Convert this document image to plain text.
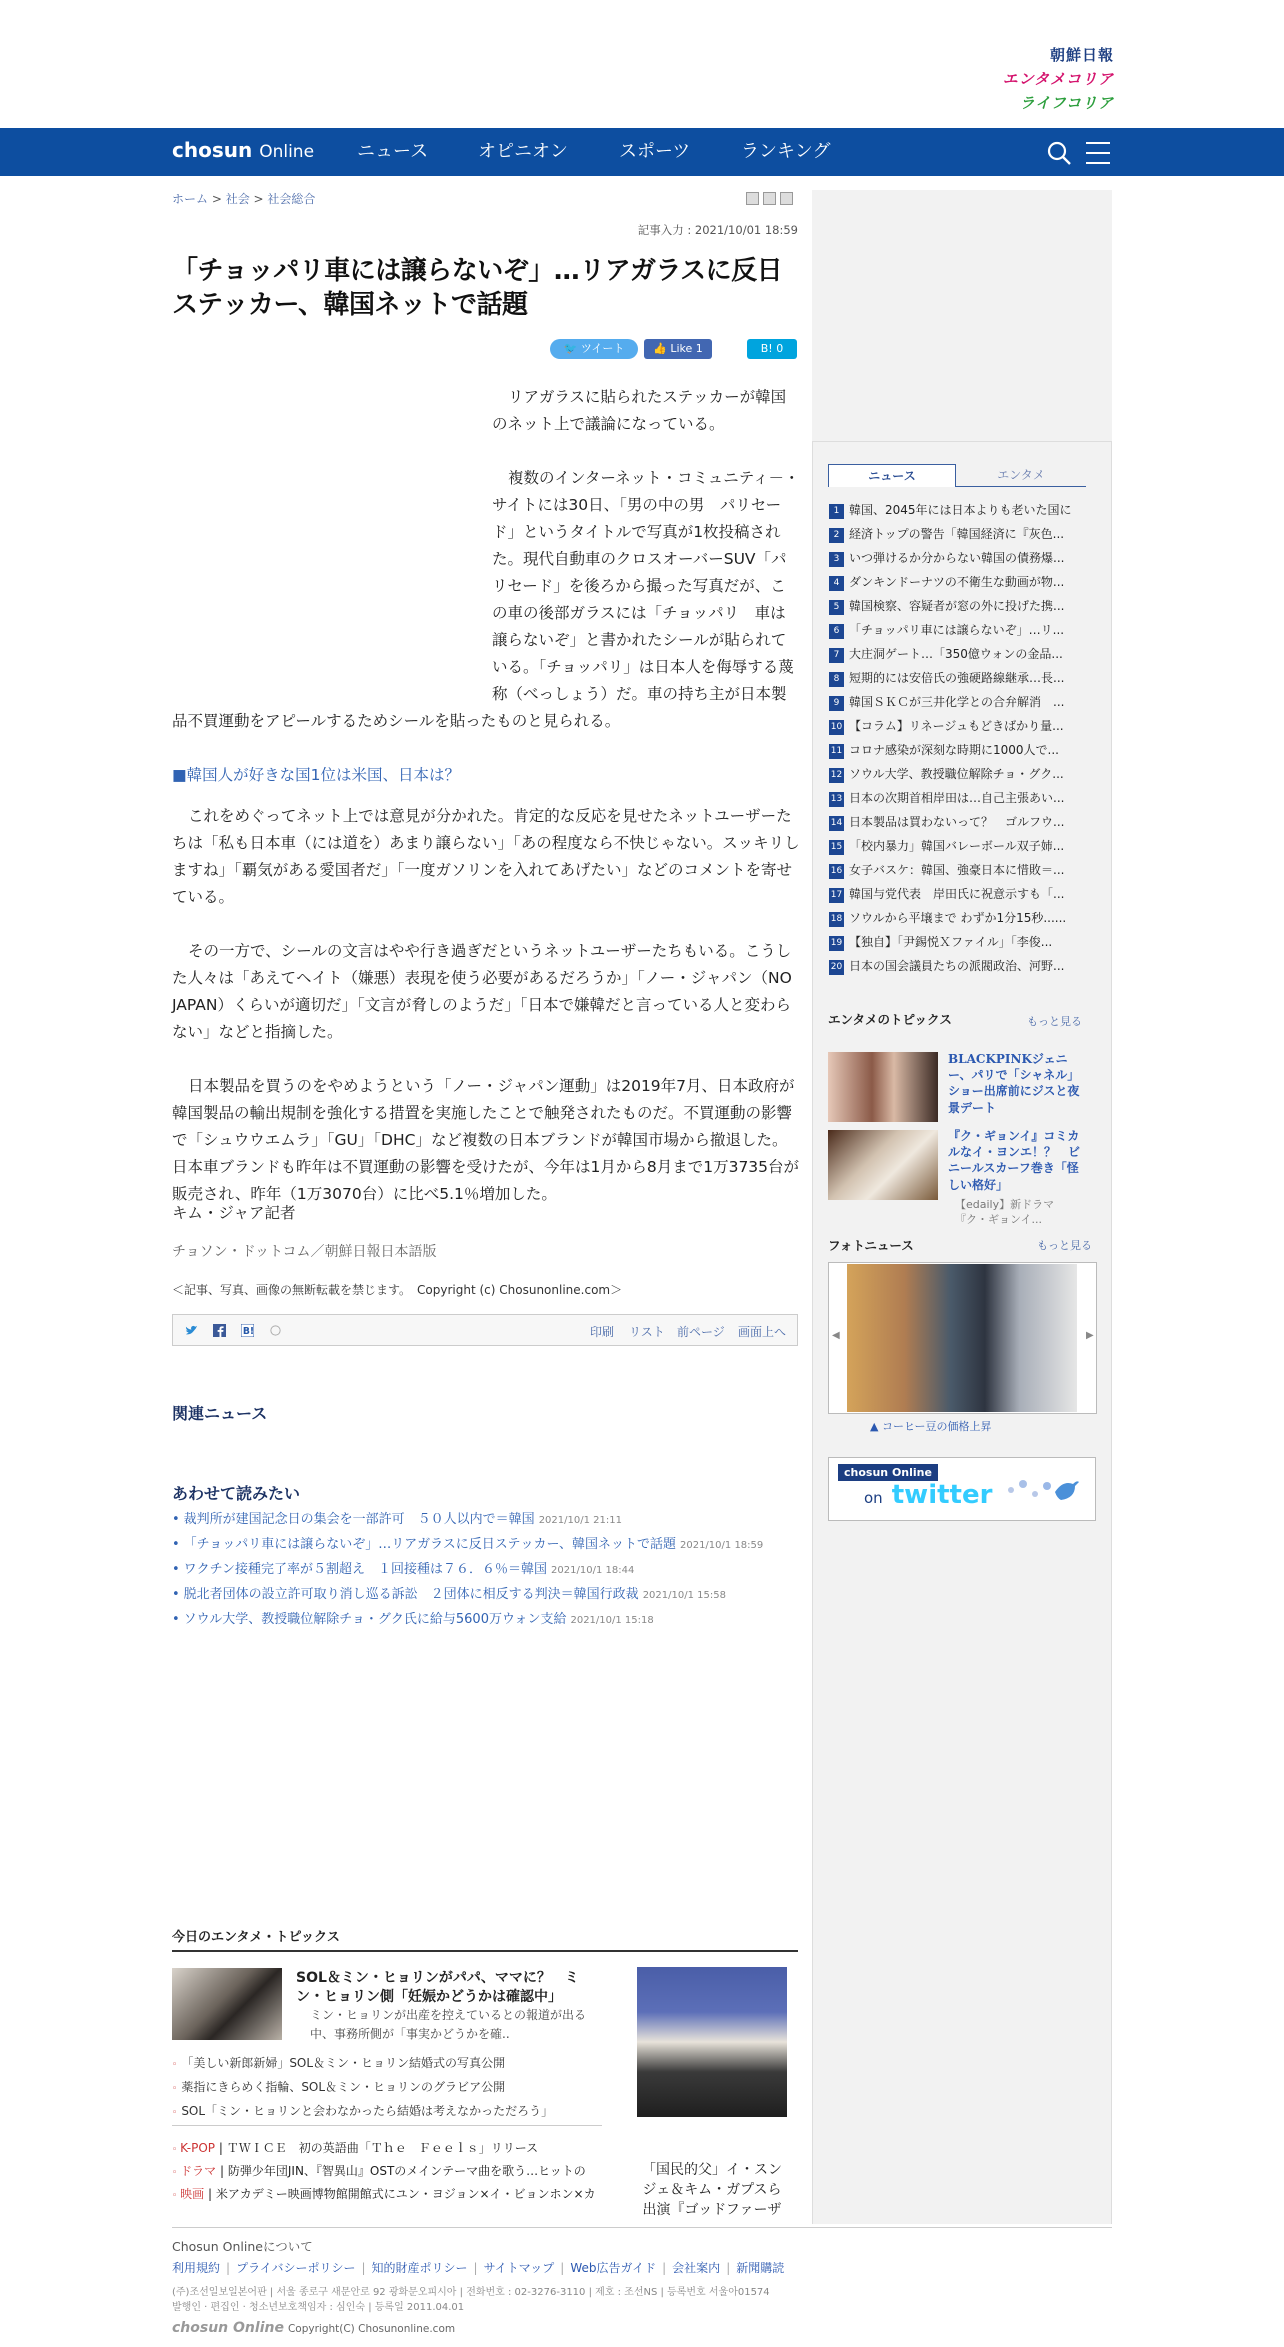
朝鮮日報
エンタメコリア
ライフコリア
chosun Online ニュース	オピニオン	スポーツ	ランキング
ホーム > 社会 > 社会総合
記事入力 : 2021/10/01 18:59
「チョッパリ車には譲らないぞ」…リアガラスに反日ステッカー、韓国ネットで話題
🐦 ツイート	👍 Like 1	B! 0

リアガラスに貼られたステッカーが韓国のネット上で議論になっている。

複数のインターネット・コミュニティ－・サイトには30日、「男の中の男　パリセード」というタイトルで写真が1枚投稿された。現代自動車のクロスオーバーSUV「パリセード」を後ろから撮った写真だが、この車の後部ガラスには「チョッパリ　車は譲らないぞ」と書かれたシールが貼られている。「チョッパリ」は日本人を侮辱する蔑称（べっしょう）だ。車の持ち主が日本製品不買運動をアピールするためシールを貼ったものと見られる。

■韓国人が好きな国1位は米国、日本は？

これをめぐってネット上では意見が分かれた。肯定的な反応を見せたネットユーザーたちは「私も日本車（には道を）あまり譲らない」「あの程度なら不快じゃない。スッキリしますね」「覇気がある愛国者だ」「一度ガソリンを入れてあげたい」などのコメントを寄せている。

その一方で、シールの文言はやや行き過ぎだというネットユーザーたちもいる。こうした人々は「あえてヘイト（嫌悪）表現を使う必要があるだろうか」「ノー・ジャパン（NO JAPAN）くらいが適切だ」「文言が脅しのようだ」「日本で嫌韓だと言っている人と変わらない」などと指摘した。

日本製品を買うのをやめようという「ノー・ジャパン運動」は2019年7月、日本政府が韓国製品の輸出規制を強化する措置を実施したことで触発されたものだ。不買運動の影響で「シュウウエムラ」「GU」「DHC」など複数の日本ブランドが韓国市場から撤退した。日本車ブランドも昨年は不買運動の影響を受けたが、今年は1月から8月まで1万3735台が販売され、昨年（1万3070台）に比べ5.1％増加した。

キム・ジャア記者
チョソン・ドットコム／朝鮮日報日本語版
＜記事、写真、画像の無断転載を禁じます。　Copyright (c) Chosunonline.com＞
B!	印刷 リスト 前ページ 画面上へ
関連ニュース
あわせて読みたい
• 裁判所が建国記念日の集会を一部許可　５０人以内で＝韓国 2021/10/1 21:11
• 「チョッパリ車には譲らないぞ」…リアガラスに反日ステッカー、韓国ネットで話題 2021/10/1 18:59
• ワクチン接種完了率が５割超え　１回接種は７６．６％＝韓国 2021/10/1 18:44
• 脱北者団体の設立許可取り消し巡る訴訟　２団体に相反する判決＝韓国行政裁 2021/10/1 15:58
• ソウル大学、教授職位解除チョ・グク氏に給与5600万ウォン支給 2021/10/1 15:18
今日のエンタメ・トピックス
SOL＆ミン・ヒョリンがパパ、ママに？　ミン・ヒョリン側「妊娠かどうかは確認中」
ミン・ヒョリンが出産を控えているとの報道が出る中、事務所側が「事実かどうかを確..
◦ 「美しい新郎新婦」SOL＆ミン・ヒョリン結婚式の写真公開
◦ 薬指にきらめく指輪、SOL＆ミン・ヒョリンのグラビア公開
◦ SOL「ミン・ヒョリンと会わなかったら結婚は考えなかっただろう」
◦ K-POP | ＴＷＩＣＥ　初の英語曲「Ｔｈｅ　Ｆｅｅｌｓ」リリース
◦ ドラマ | 防弾少年団JIN、『智異山』OSTのメインテーマ曲を歌う…ヒットの
◦ 映画 | 米アカデミー映画博物館開館式にユン・ヨジョン×イ・ビョンホン×カ
「国民的父」イ・スンジェ＆キム・ガプスら出演『ゴッドファーザ
ニュース	エンタメ
1 韓国、2045年には日本よりも老いた国に
2 経済トップの警告「韓国経済に『灰色...
3 いつ弾けるか分からない韓国の債務爆...
4 ダンキンドーナツの不衛生な動画が物...
5 韓国検察、容疑者が窓の外に投げた携...
6 「チョッパリ車には譲らないぞ」…リ...
7 大庄洞ゲート…「350億ウォンの金品...
8 短期的には安倍氏の強硬路線継承…長...
9 韓国ＳＫＣが三井化学との合弁解消　...
10 【コラム】リネージュもどきばかり量...
11 コロナ感染が深刻な時期に1000人で...
12 ソウル大学、教授職位解除チョ・グク...
13 日本の次期首相岸田は…自己主張あい...
14 日本製品は買わないって？　ゴルフウ...
15 「校内暴力」韓国バレーボール双子姉...
16 女子バスケ：韓国、強豪日本に惜敗＝...
17 韓国与党代表　岸田氏に祝意示すも「...
18 ソウルから平壌まで わずか1分15秒......
19 【独自】「尹錫悦Ｘファイル」「李俊...
20 日本の国会議員たちの派閥政治、河野...
エンタメのトピックス	もっと見る
BLACKPINKジェニー、パリで「シャネル」ショー出席前にジスと夜景デート
『ク・ギョンイ』コミカルなイ・ヨンエ！？　ビニールスカーフ巻き「怪しい格好」
【edaily】新ドラマ『ク・ギョンイ...
フォトニュース	もっと見る
◀	▶
▲ コーヒー豆の価格上昇
chosun Online
on twitter
Chosun Onlineについて
利用規約 | プライバシーポリシー | 知的財産ポリシー | サイトマップ | Web広告ガイド | 会社案内 | 新聞購読
(주)조선일보일본어판 | 서울 종로구 새문안로 92 광화문오피시아 | 전화번호 : 02-3276-3110 | 제호 : 조선NS | 등록번호 서울아01574
발행인 · 편집인 · 청소년보호책임자 : 심인숙 | 등록일 2011.04.01
chosun Online Copyright(C) Chosunonline.com
